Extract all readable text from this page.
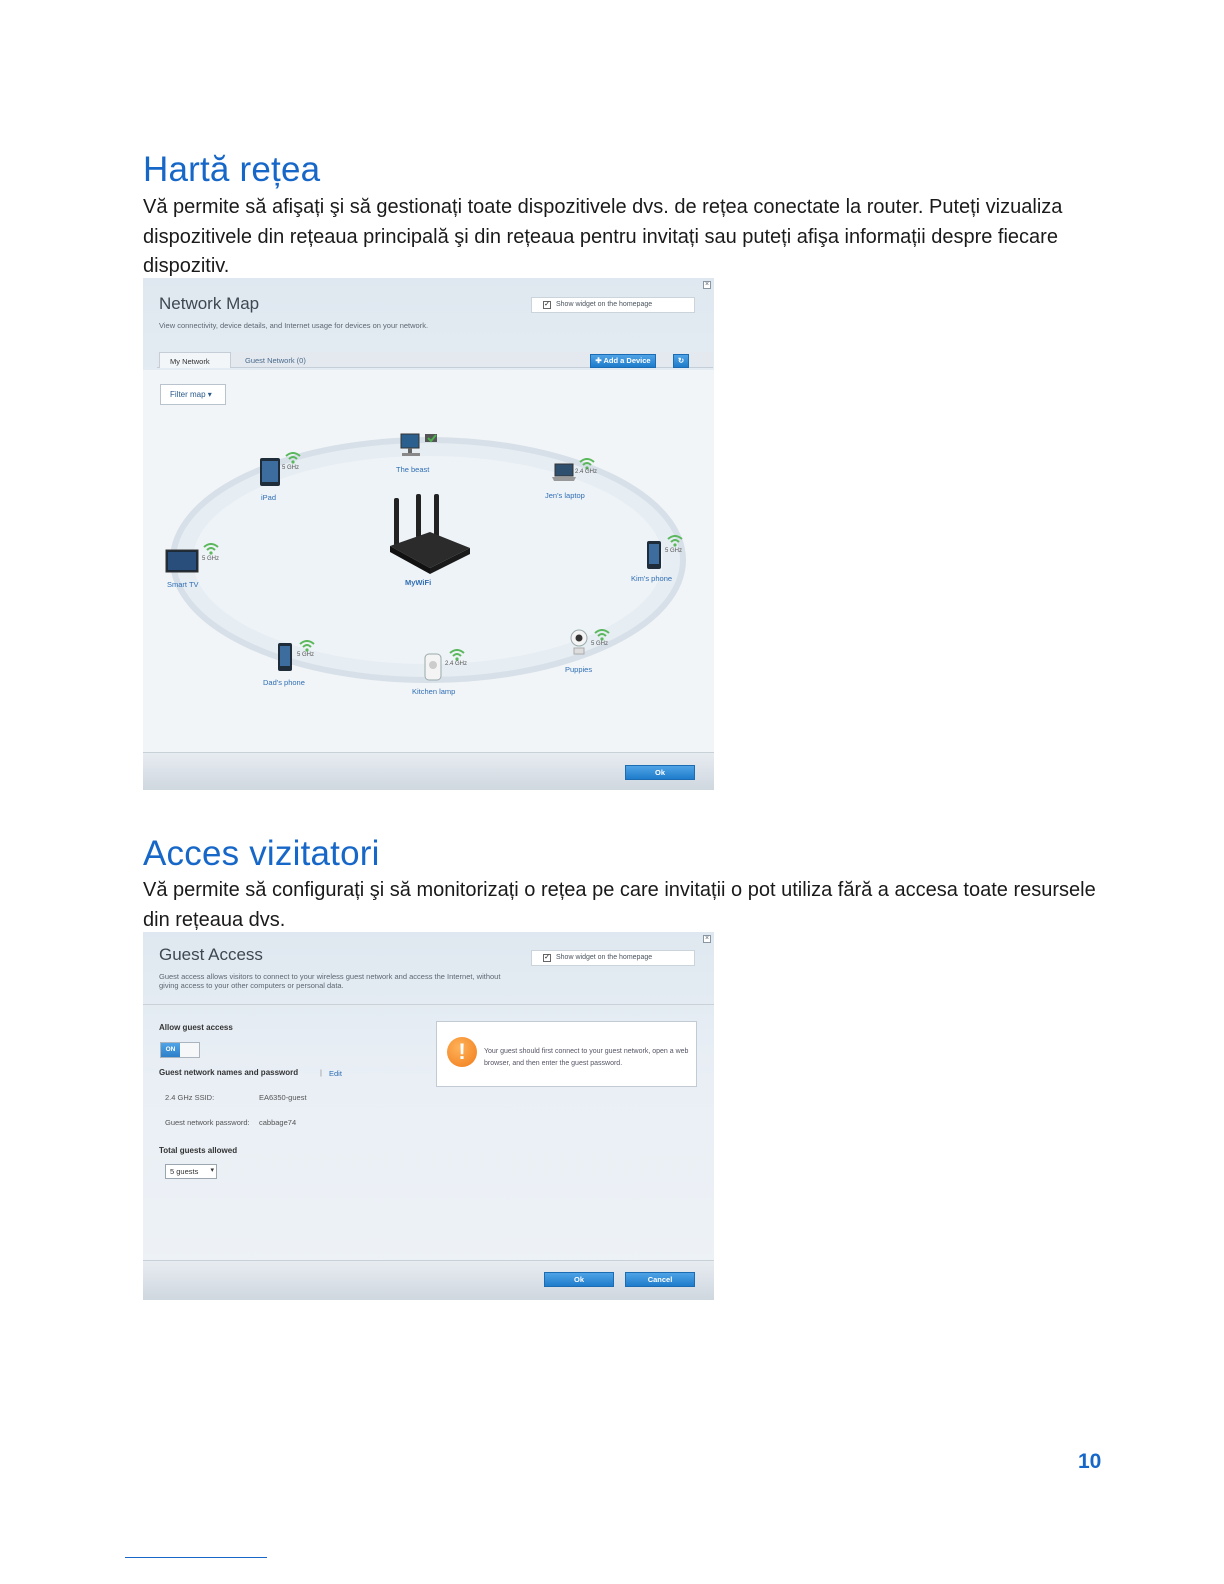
Hartă rețea

Vă permite să afişați şi să gestionați toate dispozitivele dvs. de rețea conectate la router. Puteți vizualiza dispozitivele din rețeaua principală şi din rețeaua pentru invitați sau puteți afişa informații despre fiecare dispozitiv.

×
Network Map
View connectivity, device details, and Internet usage for devices on your network.
✓ Show widget on the homepage
My Network	Guest Network (0)	✚ Add a Device	↻
Filter map ▾
MyWiFi
The beast
5 GHz
iPad
2.4 GHz
Jen's laptop
5 GHz
Smart TV
5 GHz
Kim's phone
5 GHz
Dad's phone
2.4 GHz
Kitchen lamp
5 GHz
Puppies
Ok
Acces vizitatori

Vă permite să configurați şi să monitorizați o rețea pe care invitații o pot utiliza fără a accesa toate resursele din rețeaua dvs.

×
Guest Access
Guest access allows visitors to connect to your wireless guest network and access the Internet, without giving access to your other computers or personal data.
✓ Show widget on the homepage
Allow guest access
ON
Guest network names and password	| Edit
2.4 GHz SSID:	EA6350-guest
Guest network password: cabbage74
Total guests allowed
5 guests ▾
!	Your guest should first connect to your guest network, open a web browser, and then enter the guest password.
Ok	Cancel
10
